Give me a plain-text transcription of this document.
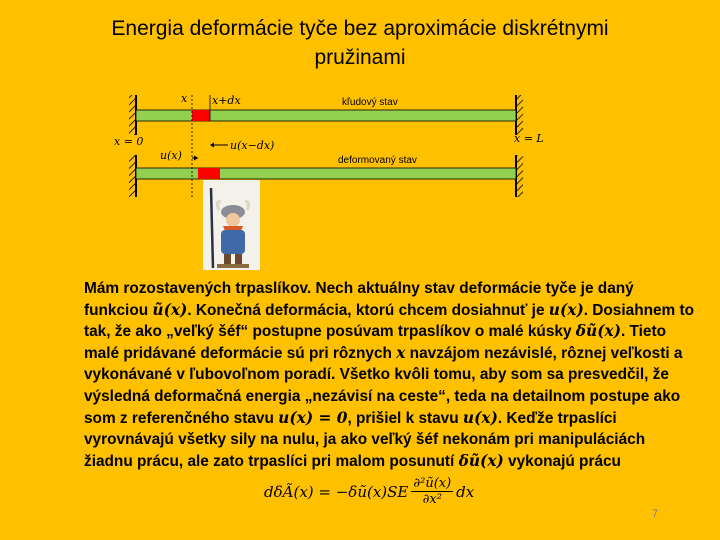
Energia deformácie tyče bez aproximácie diskrétnymi
pružinami
x x+dx	kľudový stav
deformovaný stav
x = 0	x = L
u(x)
u(x−dx)
Mám rozostavených trpaslíkov. Nech aktuálny stav deformácie tyče je daný funkciou ũ(x). Konečná deformácia, ktorú chcem dosiahnuť je u(x). Dosiahnem to tak, že ako „veľký šéf“ postupne posúvam trpaslíkov o malé kúsky δũ(x). Tieto malé pridávané deformácie sú pri rôznych x navzájom nezávislé, rôznej veľkosti a vykonávané v ľubovoľnom poradí. Všetko kvôli tomu, aby som sa presvedčil, že výsledná deformačná energia „nezávisí na ceste“, teda na detailnom postupe ako som z referenčného stavu u(x) = 0, prišiel k stavu u(x). Keďže trpaslíci vyrovnávajú všetky sily na nulu, ja ako veľký šéf nekonám pri manipuláciách žiadnu prácu, ale zato trpaslíci pri malom posunutí δũ(x) vykonajú prácu
dδÃ(x) = −δũ(x)SE $\frac{\text{∂²ũ(x)}}{\text{∂x²}}$ dx
7
